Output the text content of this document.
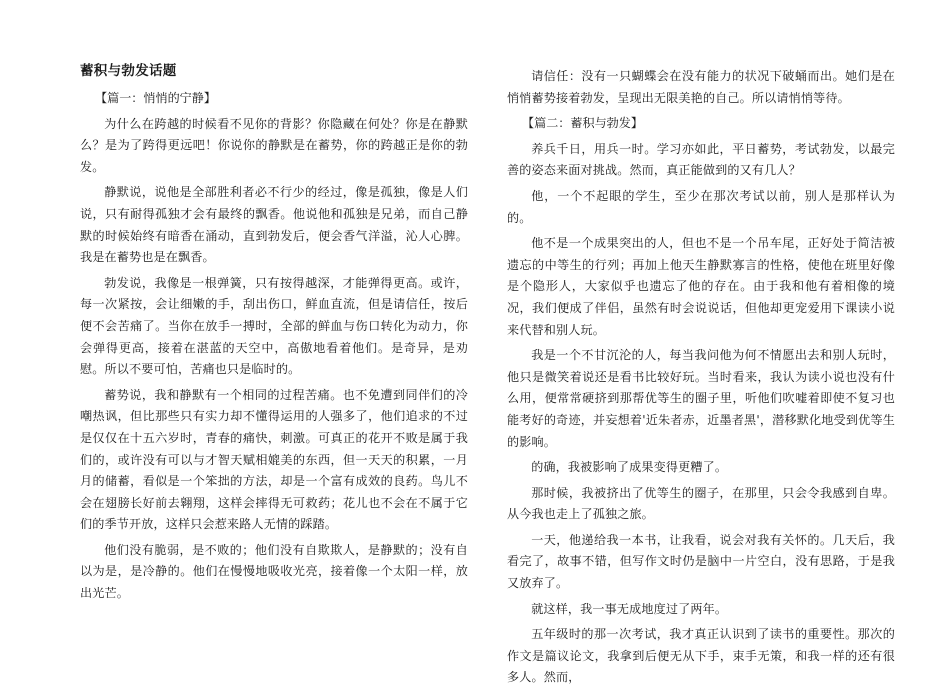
蓄积与勃发话题
【篇一：悄悄的宁静】
为什么在跨越的时候看不见你的背影？你隐藏在何处？你是在静默么？是为了跨得更远吧！你说你的静默是在蓄势，你的跨越正是你的勃发。
静默说，说他是全部胜利者必不行少的经过，像是孤独，像是人们说，只有耐得孤独才会有最终的飘香。他说他和孤独是兄弟，而自己静默的时候始终有暗香在涌动，直到勃发后，便会香气洋溢，沁人心脾。我是在蓄势也是在飘香。
勃发说，我像是一根弹簧，只有按得越深，才能弹得更高。或许，每一次紧按，会让细嫩的手，刮出伤口，鲜血直流，但是请信任，按后便不会苦痛了。当你在放手一搏时，全部的鲜血与伤口转化为动力，你会弹得更高，接着在湛蓝的天空中，高傲地看着他们。是奇异，是劝慰。所以不要可怕，苦痛也只是临时的。
蓄势说，我和静默有一个相同的过程苦痛。也不免遭到同伴们的冷嘲热讽，但比那些只有实力却不懂得运用的人强多了，他们追求的不过是仅仅在十五六岁时，青春的痛快，刺激。可真正的花开不败是属于我们的，或许没有可以与才智天赋相媲美的东西，但一天天的积累，一月月的储蓄，看似是一个笨拙的方法，却是一个富有成效的良药。鸟儿不会在翅膀长好前去翱翔，这样会摔得无可救药；花儿也不会在不属于它们的季节开放，这样只会惹来路人无情的踩踏。
他们没有脆弱，是不败的；他们没有自欺欺人，是静默的；没有自以为是，是冷静的。他们在慢慢地吸收光亮，接着像一个太阳一样，放出光芒。
请信任：没有一只蝴蝶会在没有能力的状况下破蛹而出。她们是在悄悄蓄势接着勃发，呈现出无限美艳的自己。所以请悄悄等待。
【篇二：蓄积与勃发】
养兵千日，用兵一时。学习亦如此，平日蓄势，考试勃发，以最完善的姿态来面对挑战。然而，真正能做到的又有几人？
他，一个不起眼的学生，至少在那次考试以前，别人是那样认为的。
他不是一个成果突出的人，但也不是一个吊车尾，正好处于简洁被遗忘的中等生的行列；再加上他天生静默寡言的性格，使他在班里好像是个隐形人，大家似乎也遗忘了他的存在。由于我和他有着相像的境况，我们便成了伴侣，虽然有时会说说话，但他却更宠爱用下课读小说来代替和别人玩。
我是一个不甘沉沦的人，每当我问他为何不情愿出去和别人玩时，他只是微笑着说还是看书比较好玩。当时看来，我认为读小说也没有什么用，便常常硬挤到那帮优等生的圈子里，听他们吹嘘着即使不复习也能考好的奇迹，并妄想着'近朱者赤，近墨者黑'，潜移默化地受到优等生的影响。
的确，我被影响了成果变得更糟了。
那时候，我被挤出了优等生的圈子，在那里，只会令我感到自卑。从今我也走上了孤独之旅。
一天，他递给我一本书，让我看，说会对我有关怀的。几天后，我看完了，故事不错，但写作文时仍是脑中一片空白，没有思路，于是我又放弃了。
就这样，我一事无成地度过了两年。
五年级时的那一次考试，我才真正认识到了读书的重要性。那次的作文是篇议论文，我拿到后便无从下手，束手无策，和我一样的还有很多人。然而，
